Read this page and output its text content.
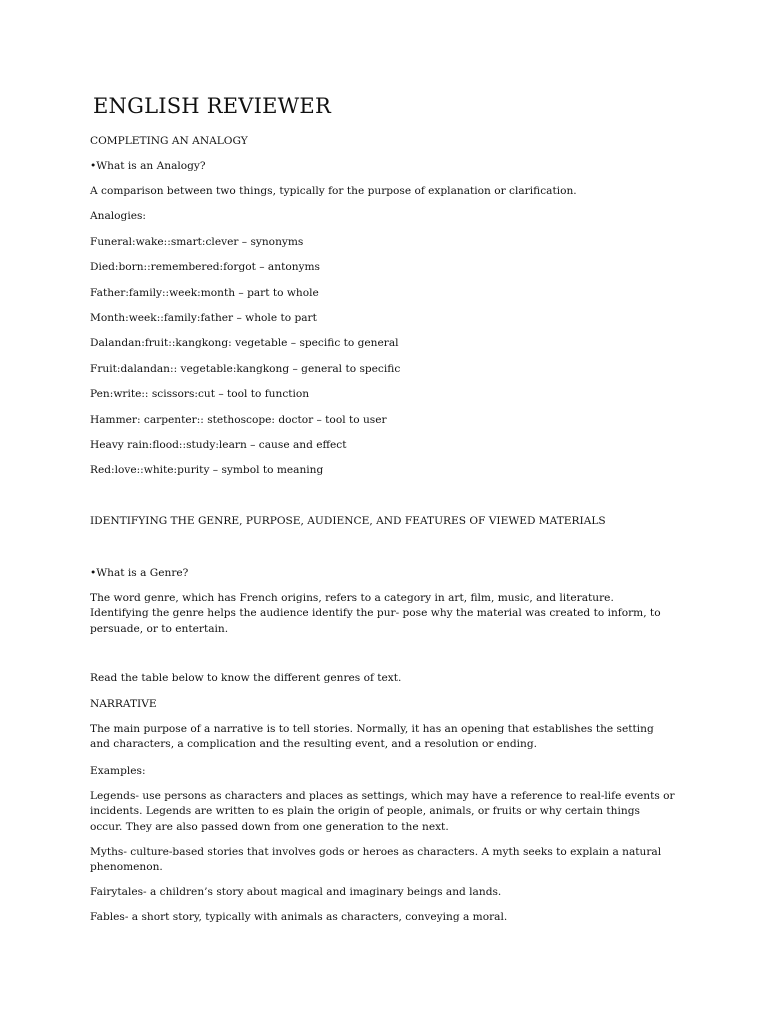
ENGLISH REVIEWER
COMPLETING AN ANALOGY
•What is an Analogy?
A comparison between two things, typically for the purpose of explanation or clarification.
Analogies:
Funeral:wake::smart:clever – synonyms
Died:born::remembered:forgot – antonyms
Father:family::week:month – part to whole
Month:week::family:father – whole to part
Dalandan:fruit::kangkong: vegetable – specific to general
Fruit:dalandan:: vegetable:kangkong – general to specific
Pen:write:: scissors:cut – tool to function
Hammer: carpenter:: stethoscope: doctor – tool to user
Heavy rain:flood::study:learn – cause and effect
Red:love::white:purity – symbol to meaning
IDENTIFYING THE GENRE, PURPOSE, AUDIENCE, AND FEATURES OF VIEWED MATERIALS
•What is a Genre?
The word genre, which has French origins, refers to a category in art, film, music, and literature. Identifying the genre helps the audience identify the pur- pose why the material was created to inform, to persuade, or to entertain.
Read the table below to know the different genres of text.
NARRATIVE
The main purpose of a narrative is to tell stories. Normally, it has an opening that establishes the setting and characters, a complication and the resulting event, and a resolution or ending.
Examples:
Legends- use persons as characters and places as settings, which may have a reference to real-life events or incidents. Legends are written to es plain the origin of people, animals, or fruits or why certain things occur. They are also passed down from one generation to the next.
Myths- culture-based stories that involves gods or heroes as characters. A myth seeks to explain a natural phenomenon.
Fairytales- a children’s story about magical and imaginary beings and lands.
Fables- a short story, typically with animals as characters, conveying a moral.
